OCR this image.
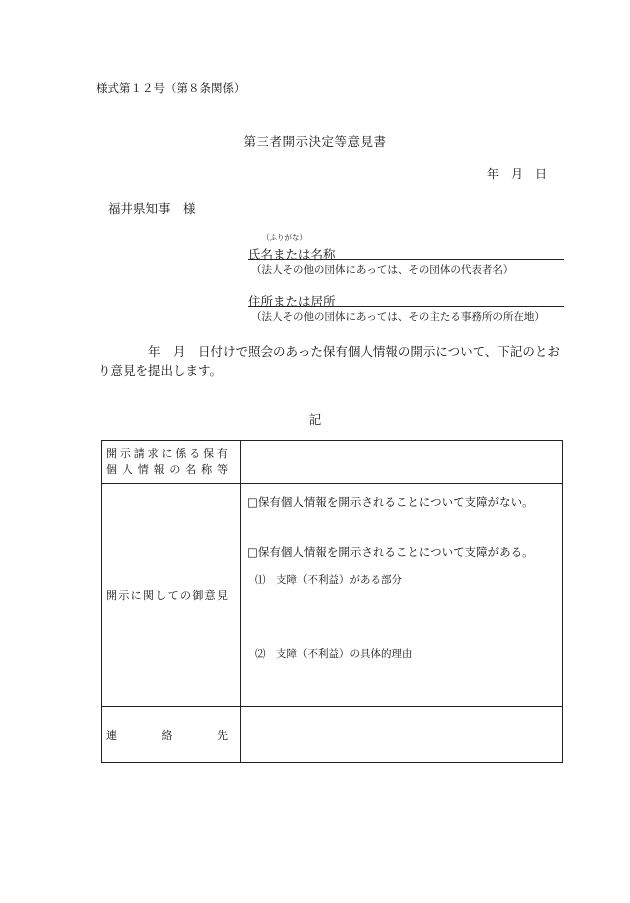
様式第１２号（第８条関係）
第三者開示決定等意見書
年　月　日
福井県知事　様
（ふりがな）
氏名または名称
（法人その他の団体にあっては、その団体の代表者名）
住所または居所
（法人その他の団体にあっては、その主たる事務所の所在地）
　　　　年　月　日付けで照会のあった保有個人情報の開示について、下記のとおり意見を提出します。
記
開示請求に係る保有
個人情報の名称等	

開示に関しての御意見	□保有個人情報を開示されることについて支障がない。
□保有個人情報を開示されることについて支障がある。
⑴　支障（不利益）がある部分
⑵　支障（不利益）の具体的理由

連　絡　先	
